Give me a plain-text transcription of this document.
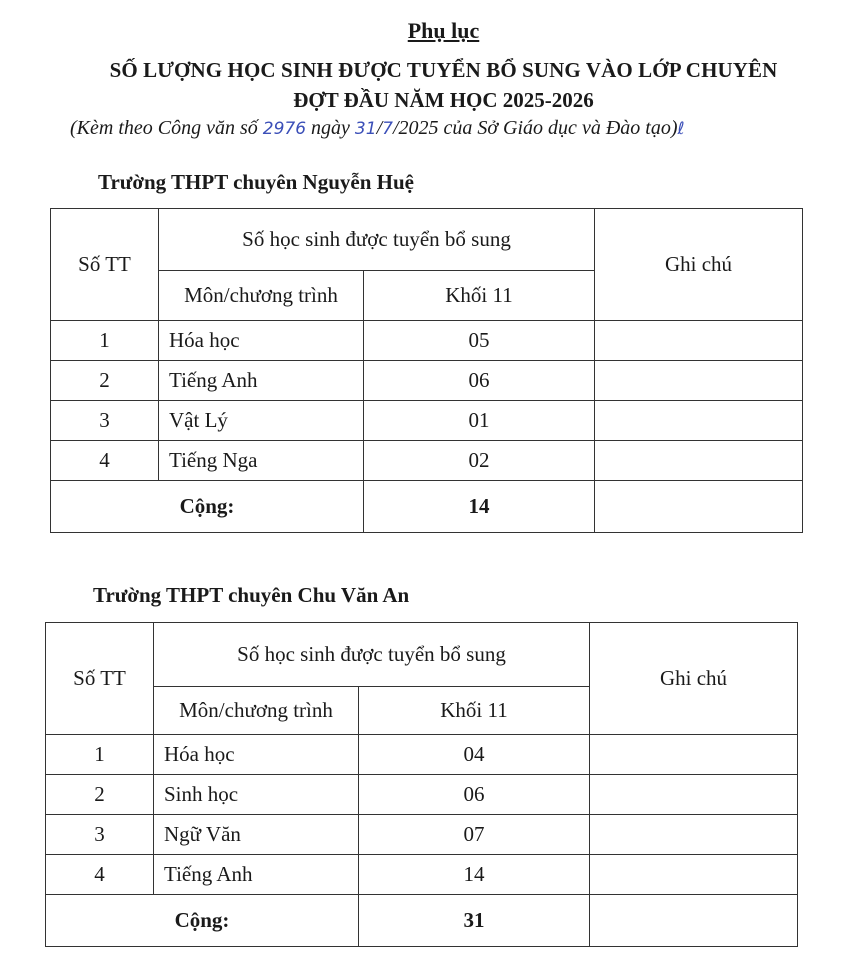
Phụ lục
SỐ LƯỢNG HỌC SINH ĐƯỢC TUYỂN BỔ SUNG VÀO LỚP CHUYÊN
ĐỢT ĐẦU NĂM HỌC 2025-2026
(Kèm theo Công văn số 2976 ngày 31/7/2025 của Sở Giáo dục và Đào tạo)ℓ
Trường THPT chuyên Nguyễn Huệ
Số TT	Số học sinh được tuyển bổ sung		Ghi chú
	Môn/chương trình	Khối 11	
1	Hóa học	05	
2	Tiếng Anh	06	
3	Vật Lý	01	
4	Tiếng Nga	02	
Cộng:		14	
Trường THPT chuyên Chu Văn An
Số TT	Số học sinh được tuyển bổ sung		Ghi chú
	Môn/chương trình	Khối 11	
1	Hóa học	04	
2	Sinh học	06	
3	Ngữ Văn	07	
4	Tiếng Anh	14	
Cộng:		31	
